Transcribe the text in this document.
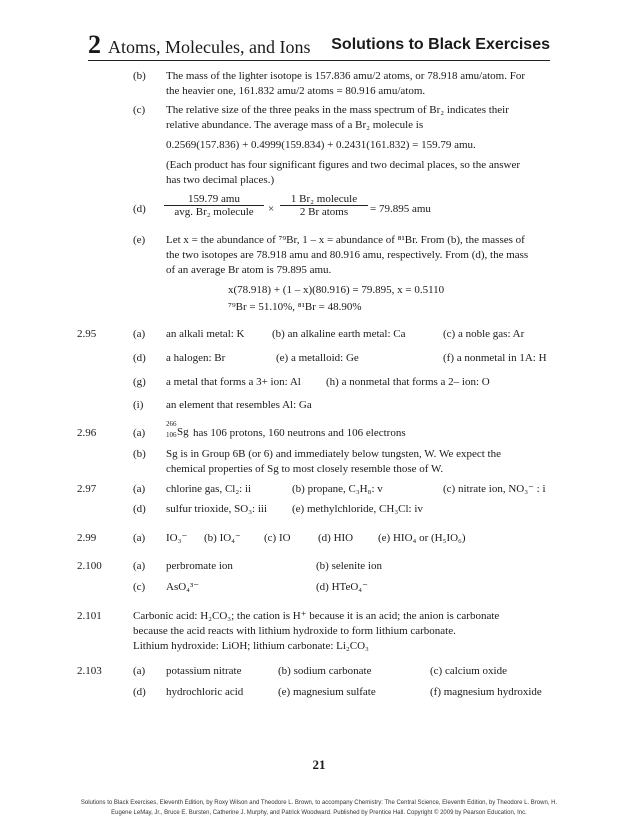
2 Atoms, Molecules, and Ions Solutions to Black Exercises
(b) The mass of the lighter isotope is 157.836 amu/2 atoms, or 78.918 amu/atom. For
the heavier one, 161.832 amu/2 atoms = 80.916 amu/atom.
(c) The relative size of the three peaks in the mass spectrum of Br₂ indicates their
relative abundance. The average mass of a Br₂ molecule is
0.2569(157.836) + 0.4999(159.834) + 0.2431(161.832) = 159.79 amu.
(Each product has four significant figures and two decimal places, so the answer
has two decimal places.)
(d)
159.79 amu
avg. Br₂ molecule	×
1 Br₂ molecule
2 Br atoms	= 79.895 amu
(e) Let x = the abundance of ⁷⁹Br, 1 – x = abundance of ⁸¹Br. From (b), the masses of
the two isotopes are 78.918 amu and 80.916 amu, respectively. From (d), the mass
of an average Br atom is 79.895 amu.
x(78.918) + (1 – x)(80.916) = 79.895, x = 0.5110
⁷⁹Br = 51.10%, ⁸¹Br = 48.90%
2.95	(a) an alkali metal: K	(b) an alkaline earth metal: Ca	(c) a noble gas: Ar
(d) a halogen: Br	(e) a metalloid: Ge	(f) a nonmetal in 1A: H
(g) a metal that forms a 3+ ion: Al (h) a nonmetal that forms a 2– ion: O
(i) an element that resembles Al: Ga
2.96	(a)
266
106 Sg has 106 protons, 160 neutrons and 106 electrons
(b) Sg is in Group 6B (or 6) and immediately below tungsten, W. We expect the
chemical properties of Sg to most closely resemble those of W.
2.97	(a) chlorine gas, Cl₂: ii	(b) propane, C₃H₈: v	(c) nitrate ion, NO₃⁻ : i
(d) sulfur trioxide, SO₃: iii (e) methylchloride, CH₃Cl: iv
2.99	(a) IO₃⁻ (b) IO₄⁻ (c) IO (d) HIO (e) HIO₄ or (H₅IO₆)
2.100	(a) perbromate ion	(b) selenite ion
(c) AsO₄³⁻	(d) HTeO₄⁻
2.101	Carbonic acid: H₂CO₃; the cation is H⁺ because it is an acid; the anion is carbonate
because the acid reacts with lithium hydroxide to form lithium carbonate.
Lithium hydroxide: LiOH; lithium carbonate: Li₂CO₃
2.103	(a) potassium nitrate	(b) sodium carbonate	(c) calcium oxide
(d) hydrochloric acid	(e) magnesium sulfate	(f) magnesium hydroxide
21
Solutions to Black Exercises, Eleventh Edition, by Roxy Wilson and Theodore L. Brown, to accompany Chemistry: The Central Science, Eleventh Edition, by Theodore L. Brown, H.
Eugene LeMay, Jr., Bruce E. Bursten, Catherine J. Murphy, and Patrick Woodward. Published by Prentice Hall. Copyright © 2009 by Pearson Education, Inc.
